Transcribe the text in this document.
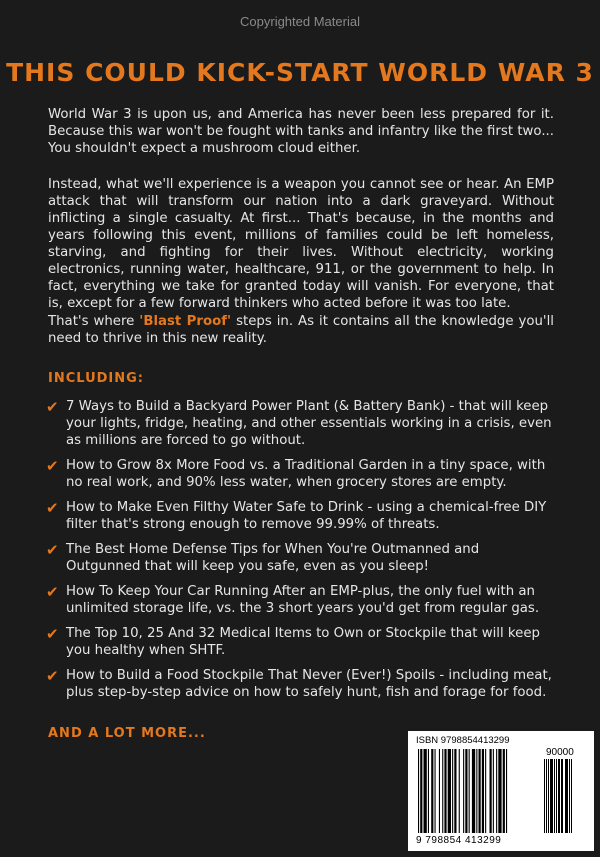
Copyrighted Material
THIS COULD KICK-START WORLD WAR 3

World War 3 is upon us, and America has never been less prepared for it. Because this war won't be fought with tanks and infantry like the first two... You shouldn't expect a mushroom cloud either.

Instead, what we'll experience is a weapon you cannot see or hear. An EMP attack that will transform our nation into a dark graveyard. Without inflicting a single casualty. At first... That's because, in the months and years following this event, millions of families could be left homeless, starving, and fighting for their lives. Without electricity, working electronics, running water, healthcare, 911, or the government to help. In fact, everything we take for granted today will vanish. For everyone, that is, except for a few forward thinkers who acted before it was too late.

That's where 'Blast Proof' steps in. As it contains all the knowledge you'll need to thrive in this new reality.

INCLUDING:
✔ 7 Ways to Build a Backyard Power Plant (& Battery Bank) - that will keep your lights, fridge, heating, and other essentials working in a crisis, even as millions are forced to go without.
✔ How to Grow 8x More Food vs. a Traditional Garden in a tiny space, with no real work, and 90% less water, when grocery stores are empty.
✔ How to Make Even Filthy Water Safe to Drink - using a chemical-free DIY filter that's strong enough to remove 99.99% of threats.
✔ The Best Home Defense Tips for When You're Outmanned and Outgunned that will keep you safe, even as you sleep!
✔ How To Keep Your Car Running After an EMP-plus, the only fuel with an unlimited storage life, vs. the 3 short years you'd get from regular gas.
✔ The Top 10, 25 And 32 Medical Items to Own or Stockpile that will keep you healthy when SHTF.
✔ How to Build a Food Stockpile That Never (Ever!) Spoils - including meat, plus step-by-step advice on how to safely hunt, fish and forage for food.
AND A LOT MORE...	ISBN 9798854413299
90000
9 798854 413299
